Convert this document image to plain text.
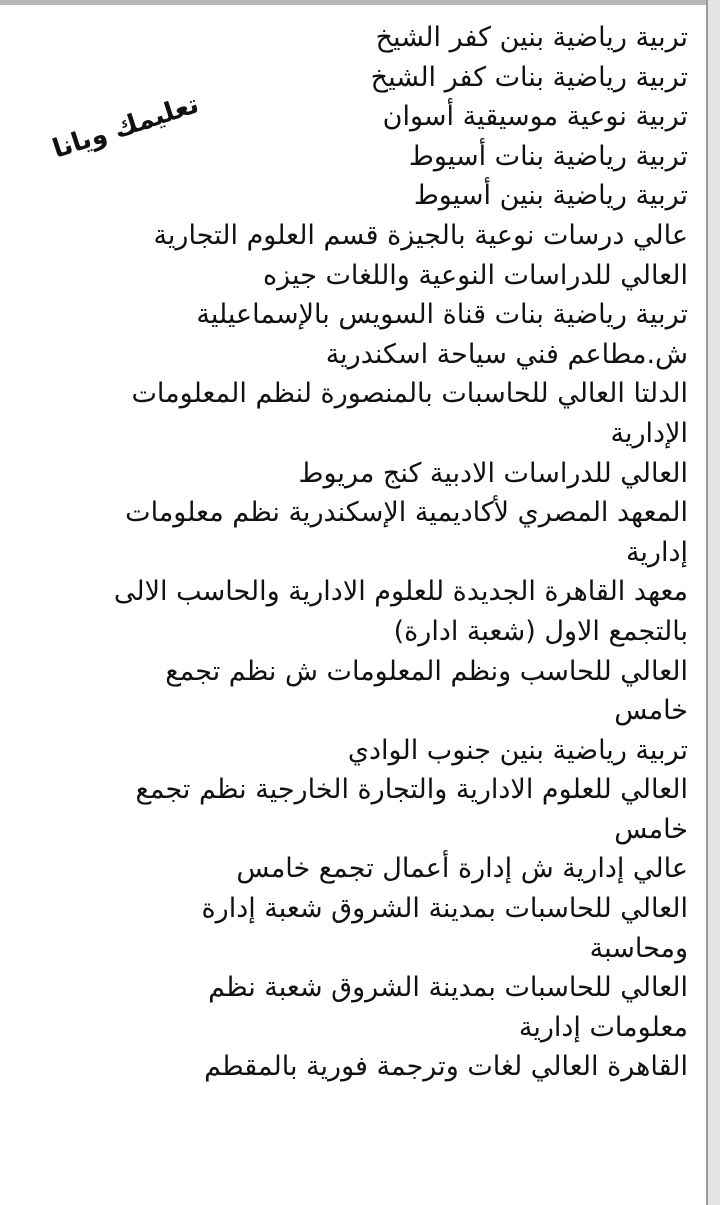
تعليمك ويانا
تربية رياضية بنين كفر الشيخ
تربية رياضية بنات كفر الشيخ
تربية نوعية موسيقية أسوان
تربية رياضية بنات أسيوط
تربية رياضية بنين أسيوط
عالي درسات نوعية بالجيزة قسم العلوم التجارية
العالي للدراسات النوعية واللغات جيزه
تربية رياضية بنات قناة السويس بالإسماعيلية
ش.مطاعم فني سياحة اسكندرية
الدلتا العالي للحاسبات بالمنصورة لنظم المعلومات
الإدارية
العالي للدراسات الادبية كنج مريوط
المعهد المصري لأكاديمية الإسكندرية نظم معلومات
إدارية
معهد القاهرة الجديدة للعلوم الادارية والحاسب الالى
بالتجمع الاول (شعبة ادارة)
العالي للحاسب ونظم المعلومات ش نظم تجمع
خامس
تربية رياضية بنين جنوب الوادي
العالي للعلوم الادارية والتجارة الخارجية نظم تجمع
خامس
عالي إدارية ش إدارة أعمال تجمع خامس
العالي للحاسبات بمدينة الشروق شعبة إدارة
ومحاسبة
العالي للحاسبات بمدينة الشروق شعبة نظم
معلومات إدارية
القاهرة العالي لغات وترجمة فورية بالمقطم
